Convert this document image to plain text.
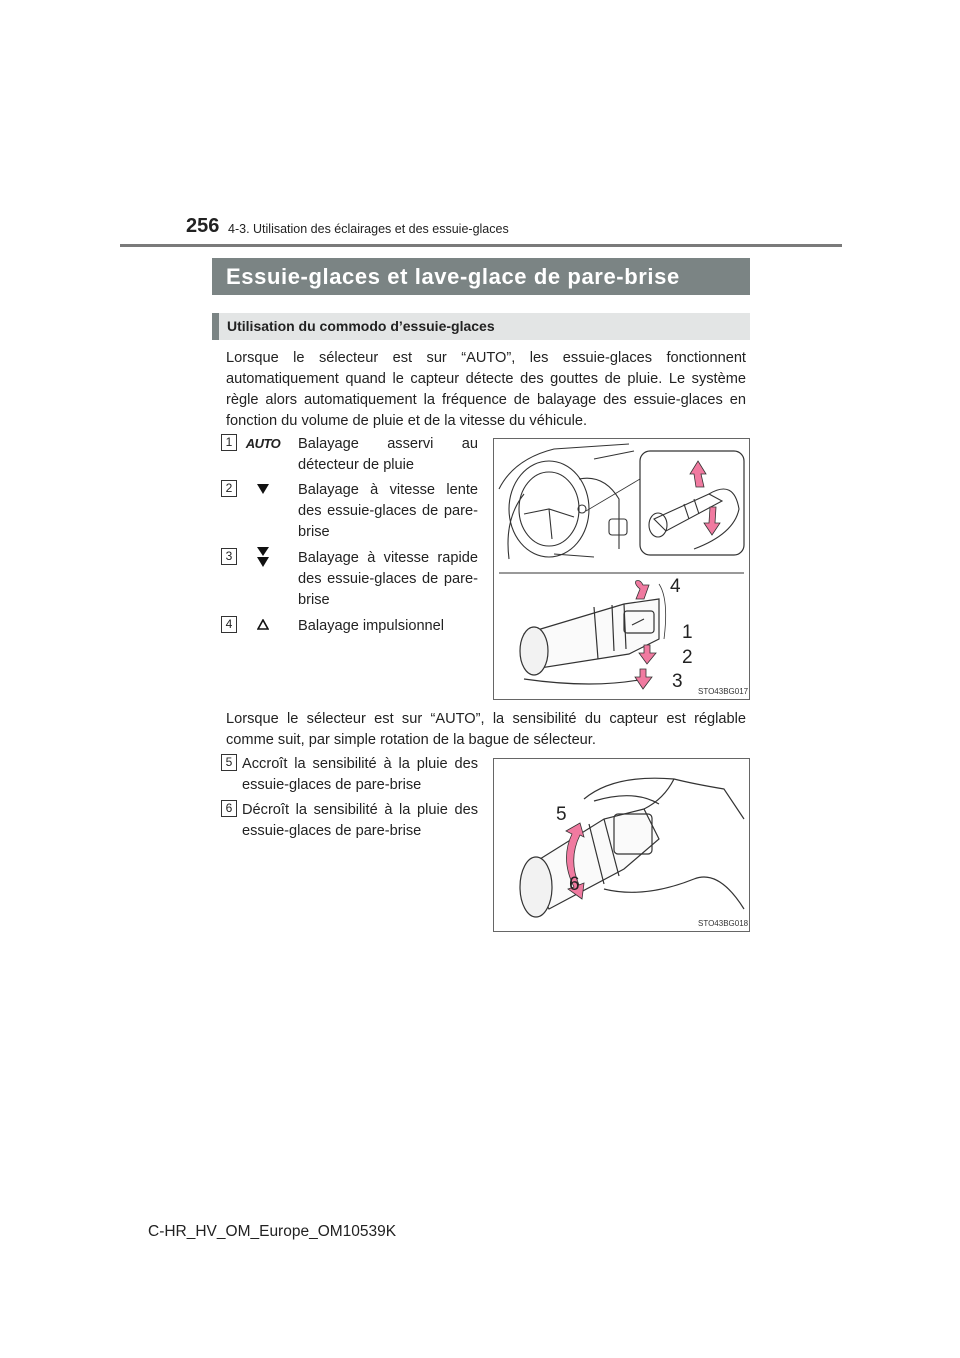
256 4-3. Utilisation des éclairages et des essuie-glaces
Essuie-glaces et lave-glace de pare-brise
Utilisation du commodo d’essuie-glaces
Lorsque le sélecteur est sur “AUTO”, les essuie-glaces fonctionnent automatiquement quand le capteur détecte des gouttes de pluie. Le système règle alors automatiquement la fréquence de balayage des essuie-glaces en fonction du volume de pluie et de la vitesse du véhicule.
1	AUTO	Balayage asservi au détecteur de pluie
2	Balayage à vitesse lente des essuie-glaces de pare-brise
3	Balayage à vitesse rapide des essuie-glaces de pare-brise
4	Balayage impulsionnel
4
1
2
3 STO43BG017
Lorsque le sélecteur est sur “AUTO”, la sensibilité du capteur est réglable comme suit, par simple rotation de la bague de sélecteur.
5 Accroît la sensibilité à la pluie des essuie-glaces de pare-brise
6 Décroît la sensibilité à la pluie des essuie-glaces de pare-brise
5
6
STO43BG018
C-HR_HV_OM_Europe_OM10539K
